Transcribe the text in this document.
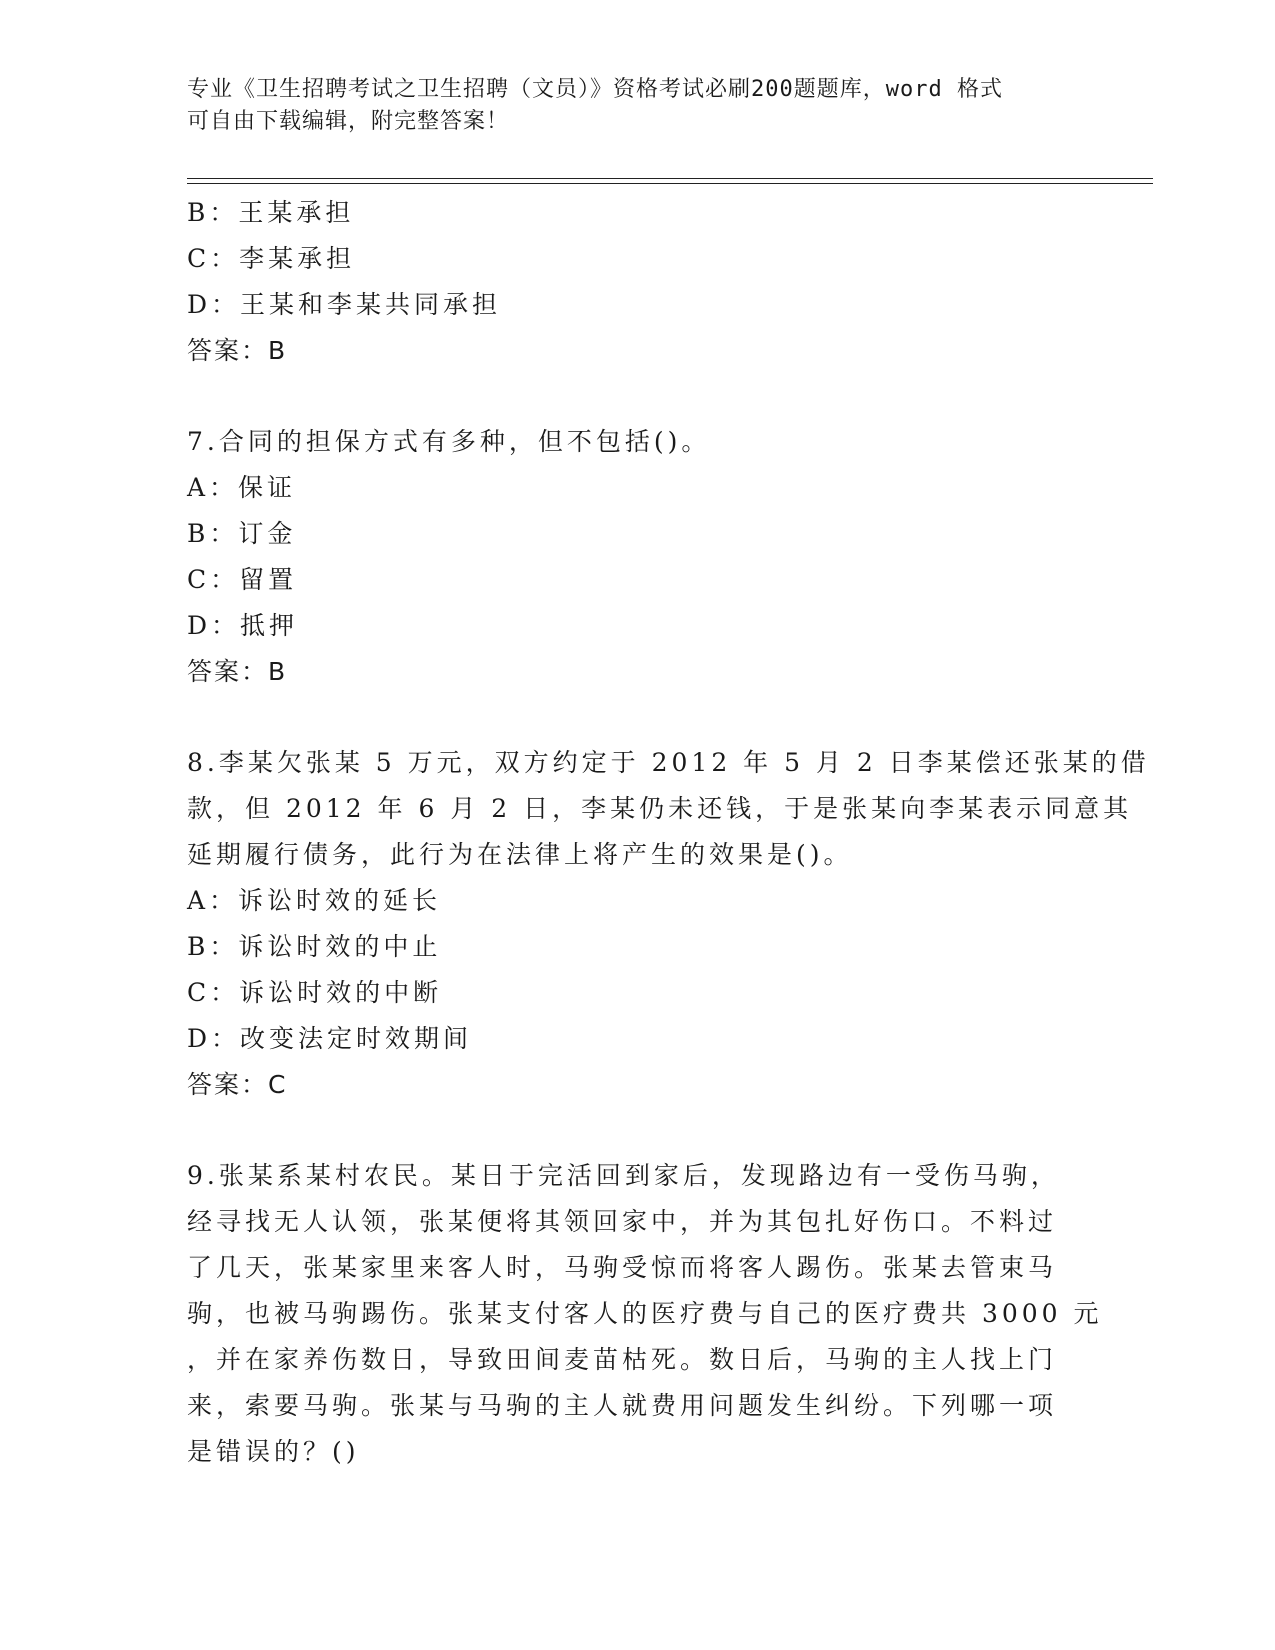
专业《卫生招聘考试之卫生招聘（文员）》资格考试必刷200题题库，word 格式
可自由下载编辑，附完整答案！
B：王某承担
C：李某承担
D：王某和李某共同承担
答案：B
7.合同的担保方式有多种，但不包括()。
A：保证
B：订金
C：留置
D：抵押
答案：B
8.李某欠张某 5 万元，双方约定于 2012 年 5 月 2 日李某偿还张某的借
款，但 2012 年 6 月 2 日，李某仍未还钱，于是张某向李某表示同意其
延期履行债务，此行为在法律上将产生的效果是()。
A：诉讼时效的延长
B：诉讼时效的中止
C：诉讼时效的中断
D：改变法定时效期间
答案：C
9.张某系某村农民。某日于完活回到家后，发现路边有一受伤马驹，
经寻找无人认领，张某便将其领回家中，并为其包扎好伤口。不料过
了几天，张某家里来客人时，马驹受惊而将客人踢伤。张某去管束马
驹，也被马驹踢伤。张某支付客人的医疗费与自己的医疗费共 3000 元
，并在家养伤数日，导致田间麦苗枯死。数日后，马驹的主人找上门
来，索要马驹。张某与马驹的主人就费用问题发生纠纷。下列哪一项
是错误的？()
